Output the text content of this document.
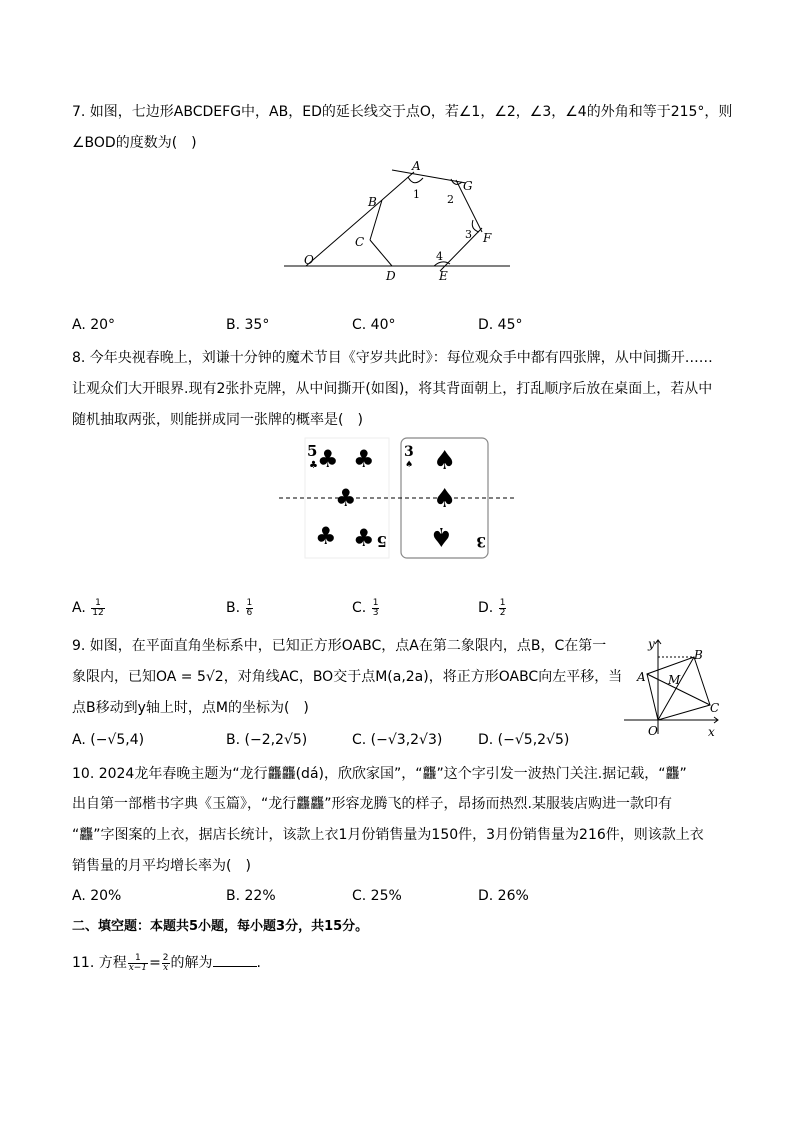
7. 如图，七边形ABCDEFG中，AB，ED的延长线交于点O，若∠1，∠2，∠3，∠4的外角和等于215°，则
∠BOD的度数为(　)
A
G
B
C	F
O
D	E
1 2
3
4
A. 20°	B. 35°	C. 40°	D. 45°
8. 今年央视春晚上，刘谦十分钟的魔术节目《守岁共此时》：每位观众手中都有四张牌，从中间撕开……
让观众们大开眼界.现有2张扑克牌，从中间撕开(如图)，将其背面朝上，打乱顺序后放在桌面上，若从中
随机抽取两张，则能拼成同一张牌的概率是(　)
5
♣ ♣ ♣
♣
♣ ♣ 5
3
♠ ♠
♠
♠ 3
A. $\frac{1}{12}$	B. $\frac{1}{6}$	C. $\frac{1}{3}$	D. $\frac{1}{2}$
9. 如图，在平面直角坐标系中，已知正方形OABC，点A在第二象限内，点B，C在第一
象限内，已知OA = 5√2，对角线AC，BO交于点M(a,2a)，将正方形OABC向左平移，当
点B移动到y轴上时，点M的坐标为(　)
y
x
O
A
B
C
M
A. (−√5,4)	B. (−2,2√5)	C. (−√3,2√3)	D. (−√5,2√5)
10. 2024龙年春晚主题为“龙行龘龘(dá)，欣欣家国”，“龘”这个字引发一波热门关注.据记载，“龘”
出自第一部楷书字典《玉篇》，“龙行龘龘”形容龙腾飞的样子，昂扬而热烈.某服装店购进一款印有
“龘”字图案的上衣，据店长统计，该款上衣1月份销售量为150件，3月份销售量为216件，则该款上衣
销售量的月平均增长率为(　)
A. 20%	B. 22%	C. 25%	D. 26%
二、填空题：本题共5小题，每小题3分，共15分。
11. 方程 $\frac{1}{x-1} = \frac{2}{x}$ 的解为	.
